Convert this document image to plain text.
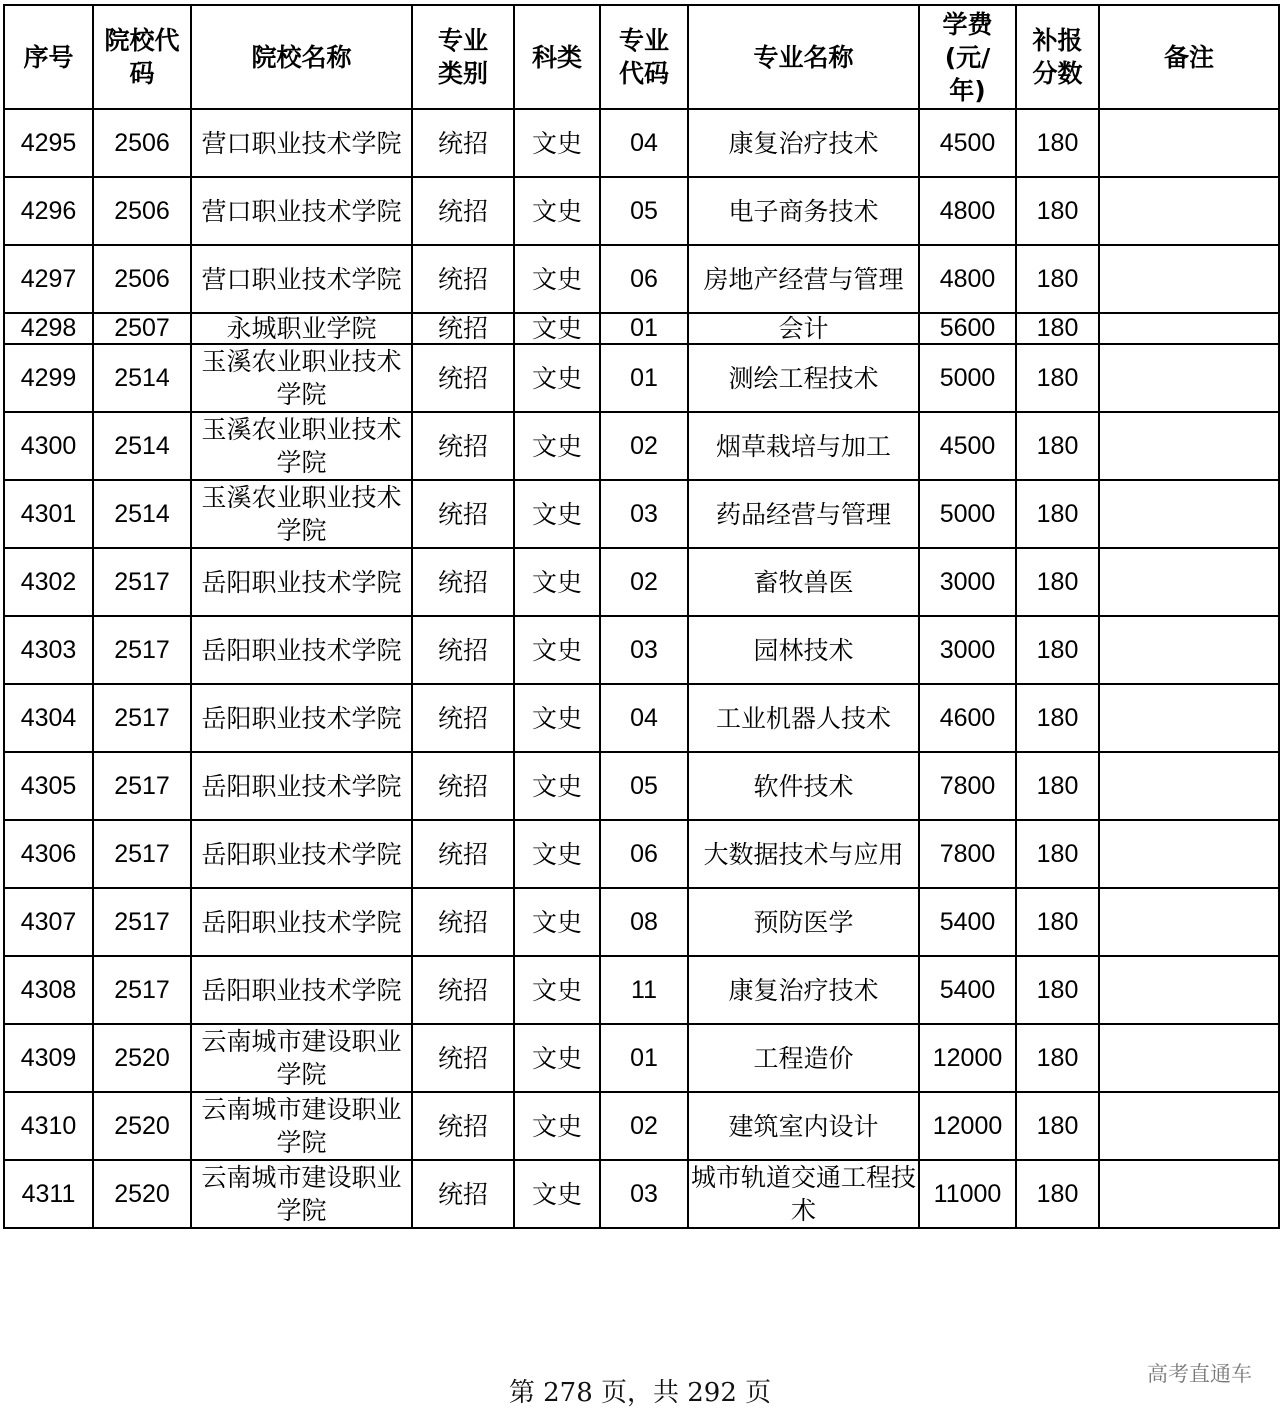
序号	院校代码	院校名称	专业类别	科类	专业代码	专业名称	学费(元/年)	补报分数	备注
4295	2506	营口职业技术学院	统招	文史	04	康复治疗技术	4500	180	
4296	2506	营口职业技术学院	统招	文史	05	电子商务技术	4800	180	
4297	2506	营口职业技术学院	统招	文史	06	房地产经营与管理	4800	180	
4298	2507	永城职业学院	统招	文史	01	会计	5600	180	
4299	2514	玉溪农业职业技术学院	统招	文史	01	测绘工程技术	5000	180	
4300	2514	玉溪农业职业技术学院	统招	文史	02	烟草栽培与加工	4500	180	
4301	2514	玉溪农业职业技术学院	统招	文史	03	药品经营与管理	5000	180	
4302	2517	岳阳职业技术学院	统招	文史	02	畜牧兽医	3000	180	
4303	2517	岳阳职业技术学院	统招	文史	03	园林技术	3000	180	
4304	2517	岳阳职业技术学院	统招	文史	04	工业机器人技术	4600	180	
4305	2517	岳阳职业技术学院	统招	文史	05	软件技术	7800	180	
4306	2517	岳阳职业技术学院	统招	文史	06	大数据技术与应用	7800	180	
4307	2517	岳阳职业技术学院	统招	文史	08	预防医学	5400	180	
4308	2517	岳阳职业技术学院	统招	文史	11	康复治疗技术	5400	180	
4309	2520	云南城市建设职业学院	统招	文史	01	工程造价	12000	180	
4310	2520	云南城市建设职业学院	统招	文史	02	建筑室内设计	12000	180	
4311	2520	云南城市建设职业学院	统招	文史	03	城市轨道交通工程技术	11000	180	
第 278 页，共 292 页
高考直通车
